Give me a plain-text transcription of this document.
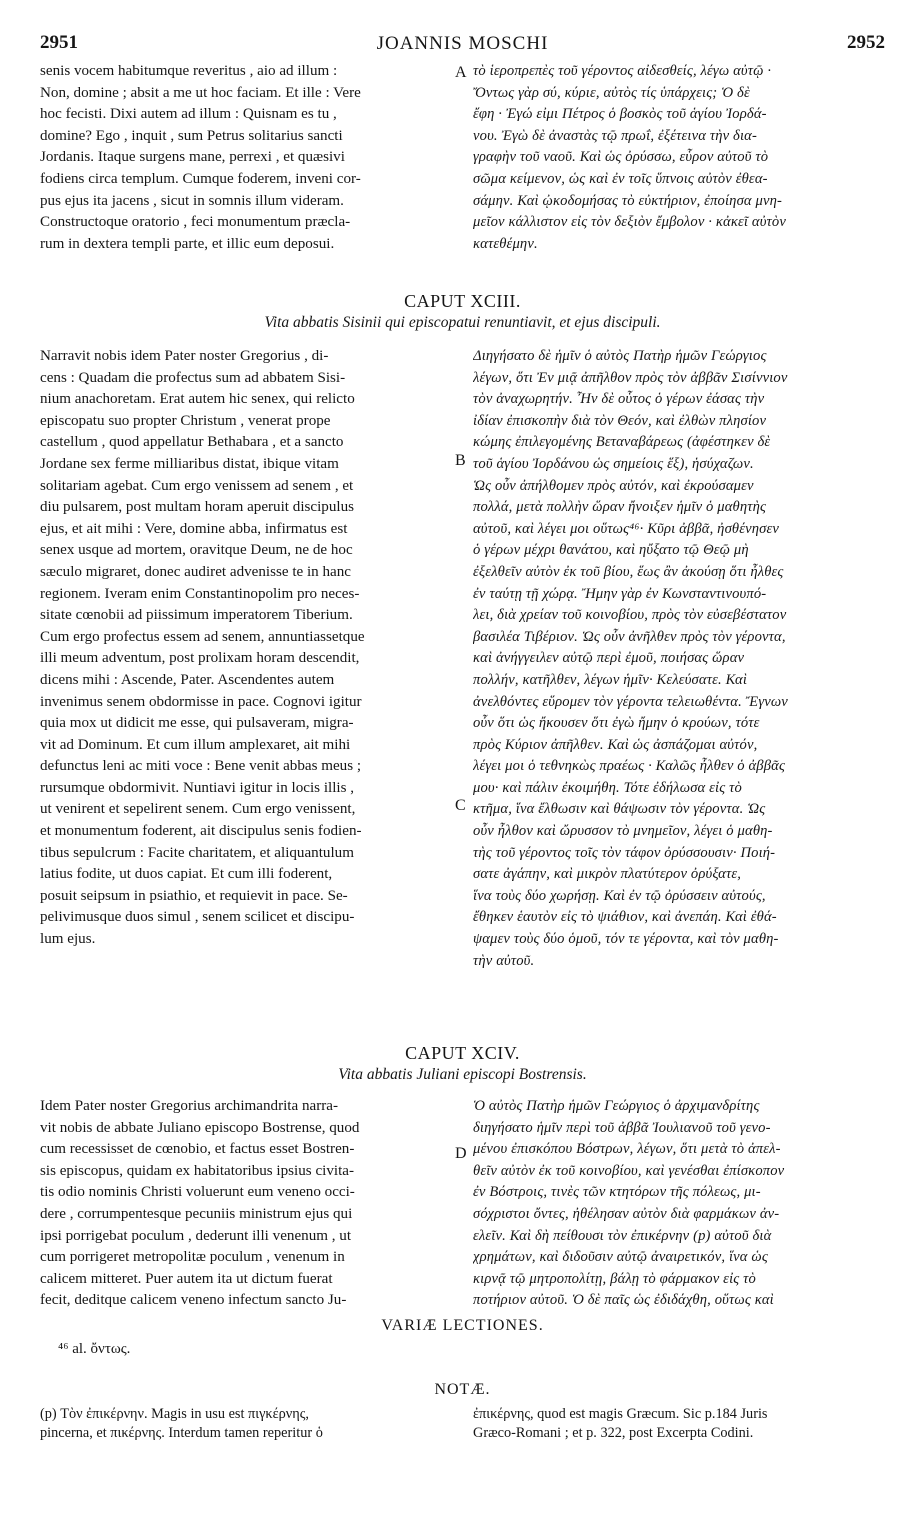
2951	JOANNIS MOSCHI	2952
senis vocem habitumque reveritus , aio ad illum :
Non, domine ; absit a me ut hoc faciam. Et ille : Vere
hoc fecisti. Dixi autem ad illum : Quisnam es tu ,
domine? Ego , inquit , sum Petrus solitarius sancti
Jordanis. Itaque surgens mane, perrexi , et quæsivi
fodiens circa templum. Cumque foderem, inveni cor-
pus ejus ita jacens , sicut in somnis illum videram.
Constructoque oratorio , feci monumentum præcla-
rum in dextera templi parte, et illic eum deposui.
τὸ ἱεροπρεπὲς τοῦ γέροντος αἰδεσθείς, λέγω αὐτῷ ·
Ὄντως γὰρ σύ, κύριε, αὐτὸς τίς ὑπάρχεις; Ὁ δὲ
ἔφη · Ἐγώ εἰμι Πέτρος ὁ βοσκὸς τοῦ ἁγίου Ἰορδά-
νου. Ἐγὼ δὲ ἀναστὰς τῷ πρωΐ, ἐξέτεινα τὴν δια-
γραφὴν τοῦ ναοῦ. Καὶ ὡς ὀρύσσω, εὗρον αὐτοῦ τὸ
σῶμα κείμενον, ὡς καὶ ἐν τοῖς ὕπνοις αὐτὸν ἐθεα-
σάμην. Καὶ ᾠκοδομήσας τὸ εὐκτήριον, ἐποίησα μνη-
μεῖον κάλλιστον εἰς τὸν δεξιὸν ἔμβολον · κἀκεῖ αὐτὸν
κατεθέμην.
A
CAPUT XCIII.
Vita abbatis Sisinii qui episcopatui renuntiavit, et ejus discipuli.
Narravit nobis idem Pater noster Gregorius , di-
cens : Quadam die profectus sum ad abbatem Sisi-
nium anachoretam. Erat autem hic senex, qui relicto
episcopatu suo propter Christum , venerat prope
castellum , quod appellatur Bethabara , et a sancto
Jordane sex ferme milliaribus distat, ibique vitam
solitariam agebat. Cum ergo venissem ad senem , et
diu pulsarem, post multam horam aperuit discipulus
ejus, et ait mihi : Vere, domine abba, infirmatus est
senex usque ad mortem, oravitque Deum, ne de hoc
sæculo migraret, donec audiret advenisse te in hanc
regionem. Iveram enim Constantinopolim pro neces-
sitate cœnobii ad piissimum imperatorem Tiberium.
Cum ergo profectus essem ad senem, annuntiassetque
illi meum adventum, post prolixam horam descendit,
dicens mihi : Ascende, Pater. Ascendentes autem
invenimus senem obdormisse in pace. Cognovi igitur
quia mox ut didicit me esse, qui pulsaveram, migra-
vit ad Dominum. Et cum illum amplexaret, ait mihi
defunctus leni ac miti voce : Bene venit abbas meus ;
rursumque obdormivit. Nuntiavi igitur in locis illis ,
ut venirent et sepelirent senem. Cum ergo venissent,
et monumentum foderent, ait discipulus senis fodien-
tibus sepulcrum : Facite charitatem, et aliquantulum
latius fodite, ut duos capiat. Et cum illi foderent,
posuit seipsum in psiathio, et requievit in pace. Se-
pelivimusque duos simul , senem scilicet et discipu-
lum ejus.
Διηγήσατο δὲ ἡμῖν ὁ αὐτὸς Πατὴρ ἡμῶν Γεώργιος
λέγων, ὅτι Ἐν μιᾷ ἀπῆλθον πρὸς τὸν ἀββᾶν Σισίννιον
τὸν ἀναχωρητήν. Ἦν δὲ οὗτος ὁ γέρων ἐάσας τὴν
ἰδίαν ἐπισκοπὴν διὰ τὸν Θεόν, καὶ ἐλθὼν πλησίον
κώμης ἐπιλεγομένης Βεταναβάρεως (ἀφέστηκεν δὲ
τοῦ ἁγίου Ἰορδάνου ὡς σημείοις ἕξ), ἡσύχαζων.
Ὡς οὖν ἀπήλθομεν πρὸς αὐτόν, καὶ ἐκρούσαμεν
πολλά, μετὰ πολλὴν ὥραν ἤνοιξεν ἡμῖν ὁ μαθητὴς
αὐτοῦ, καὶ λέγει μοι οὕτως⁴⁶· Κῦρι ἀββᾶ, ἠσθένησεν
ὁ γέρων μέχρι θανάτου, καὶ ηὔξατο τῷ Θεῷ μὴ
ἐξελθεῖν αὐτὸν ἐκ τοῦ βίου, ἕως ἂν ἀκούσῃ ὅτι ἦλθες
ἐν ταύτῃ τῇ χώρᾳ. Ἤμην γὰρ ἐν Κωνσταντινουπό-
λει, διὰ χρείαν τοῦ κοινοβίου, πρὸς τὸν εὐσεβέστατον
βασιλέα Τιβέριον. Ὡς οὖν ἀνῆλθεν πρὸς τὸν γέροντα,
καὶ ἀνήγγειλεν αὐτῷ περὶ ἐμοῦ, ποιήσας ὥραν
πολλήν, κατῆλθεν, λέγων ἡμῖν· Κελεύσατε. Καὶ
ἀνελθόντες εὕρομεν τὸν γέροντα τελειωθέντα. Ἔγνων
οὖν ὅτι ὡς ἤκουσεν ὅτι ἐγὼ ἤμην ὁ κρούων, τότε
πρὸς Κύριον ἀπῆλθεν. Καὶ ὡς ἀσπάζομαι αὐτόν,
λέγει μοι ὁ τεθνηκὼς πραέως · Καλῶς ἦλθεν ὁ ἀββᾶς
μου· καὶ πάλιν ἐκοιμήθη. Τότε ἐδήλωσα εἰς τὸ
κτῆμα, ἵνα ἔλθωσιν καὶ θάψωσιν τὸν γέροντα. Ὡς
οὖν ἦλθον καὶ ὤρυσσον τὸ μνημεῖον, λέγει ὁ μαθη-
τὴς τοῦ γέροντος τοῖς τὸν τάφον ὀρύσσουσιν· Ποιή-
σατε ἀγάπην, καὶ μικρὸν πλατύτερον ὀρύξατε,
ἵνα τοὺς δύο χωρήσῃ. Καὶ ἐν τῷ ὀρύσσειν αὐτούς,
ἔθηκεν ἑαυτὸν εἰς τὸ ψιάθιον, καὶ ἀνεπάη. Καὶ ἐθά-
ψαμεν τοὺς δύο ὁμοῦ, τόν τε γέροντα, καὶ τὸν μαθη-
τὴν αὐτοῦ.
B
C
CAPUT XCIV.
Vita abbatis Juliani episcopi Bostrensis.
Idem Pater noster Gregorius archimandrita narra-
vit nobis de abbate Juliano episcopo Bostrense, quod
cum recessisset de cœnobio, et factus esset Bostren-
sis episcopus, quidam ex habitatoribus ipsius civita-
tis odio nominis Christi voluerunt eum veneno occi-
dere , corrumpentesque pecuniis ministrum ejus qui
ipsi porrigebat poculum , dederunt illi venenum , ut
cum porrigeret metropolitæ poculum , venenum in
calicem mitteret. Puer autem ita ut dictum fuerat
fecit, deditque calicem veneno infectum sancto Ju-
Ὁ αὐτὸς Πατὴρ ἡμῶν Γεώργιος ὁ ἀρχιμανδρίτης
διηγήσατο ἡμῖν περὶ τοῦ ἀββᾶ Ἰουλιανοῦ τοῦ γενο-
μένου ἐπισκόπου Βόστρων, λέγων, ὅτι μετὰ τὸ ἀπελ-
θεῖν αὐτὸν ἐκ τοῦ κοινοβίου, καὶ γενέσθαι ἐπίσκοπον
ἐν Βόστροις, τινὲς τῶν κτητόρων τῆς πόλεως, μι-
σόχριστοι ὄντες, ἠθέλησαν αὐτὸν διὰ φαρμάκων ἀν-
ελεῖν. Καὶ δὴ πείθουσι τὸν ἐπικέρνην (p) αὐτοῦ διὰ
χρημάτων, καὶ διδοῦσιν αὐτῷ ἀναιρετικόν, ἵνα ὡς
κιρνᾷ τῷ μητροπολίτῃ, βάλῃ τὸ φάρμακον εἰς τὸ
ποτήριον αὐτοῦ. Ὁ δὲ παῖς ὡς ἐδιδάχθη, οὕτως καὶ
D
VARIÆ LECTIONES.
⁴⁶ al. ὄντως.
NOTÆ.
(p) Τὸν ἐπικέρνην. Magis in usu est πιγκέρνης,
pincerna, et πικέρνης. Interdum tamen reperitur ὁ
ἐπικέρνης, quod est magis Græcum. Sic p.184 Juris
Græco-Romani ; et p. 322, post Excerpta Codini.
